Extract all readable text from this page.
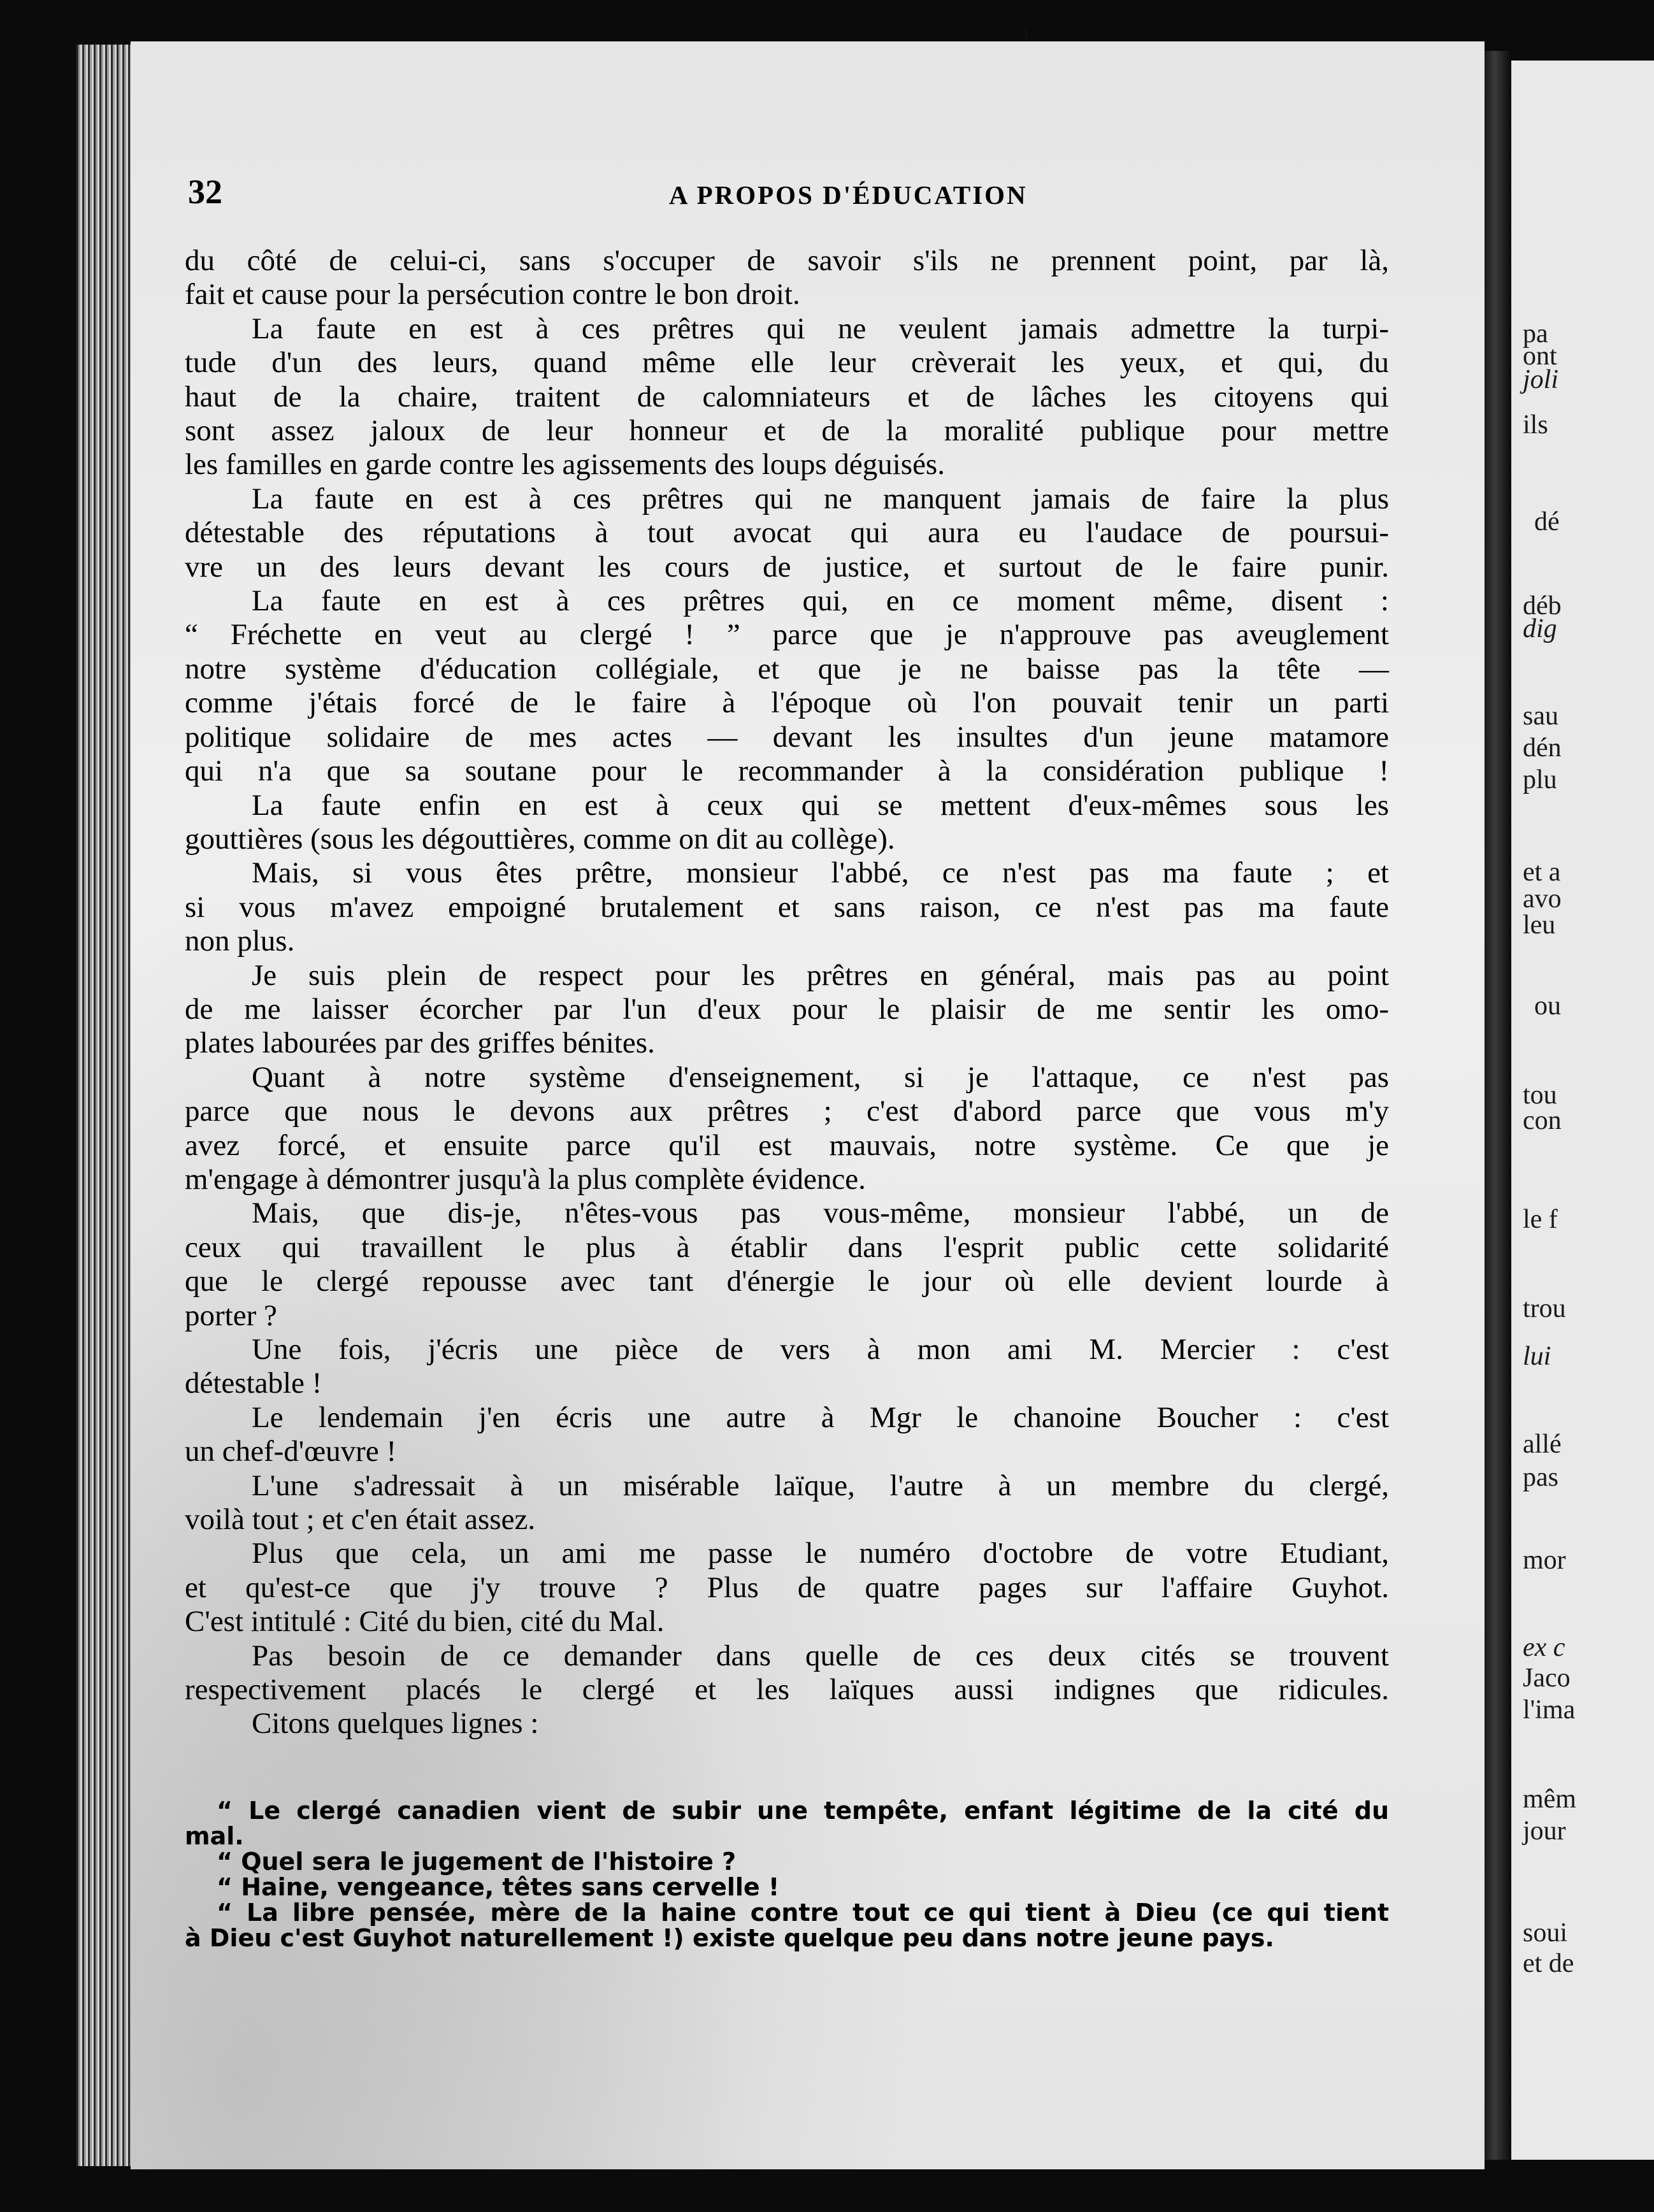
32	A PROPOS D'ÉDUCATION
du côté de celui-ci, sans s'occuper de savoir s'ils ne prennent point, par là,
fait et cause pour la persécution contre le bon droit.
La faute en est à ces prêtres qui ne veulent jamais admettre la turpi-
tude d'un des leurs, quand même elle leur crèverait les yeux, et qui, du
haut de la chaire, traitent de calomniateurs et de lâches les citoyens qui
sont assez jaloux de leur honneur et de la moralité publique pour mettre
les familles en garde contre les agissements des loups déguisés.
La faute en est à ces prêtres qui ne manquent jamais de faire la plus
détestable des réputations à tout avocat qui aura eu l'audace de poursui-
vre un des leurs devant les cours de justice, et surtout de le faire punir.
La faute en est à ces prêtres qui, en ce moment même, disent :
“ Fréchette en veut au clergé ! ” parce que je n'approuve pas aveuglement
notre système d'éducation collégiale, et que je ne baisse pas la tête —
comme j'étais forcé de le faire à l'époque où l'on pouvait tenir un parti
politique solidaire de mes actes — devant les insultes d'un jeune matamore
qui n'a que sa soutane pour le recommander à la considération publique !
La faute enfin en est à ceux qui se mettent d'eux-mêmes sous les
gouttières (sous les dégouttières, comme on dit au collège).
Mais, si vous êtes prêtre, monsieur l'abbé, ce n'est pas ma faute ; et
si vous m'avez empoigné brutalement et sans raison, ce n'est pas ma faute
non plus.
Je suis plein de respect pour les prêtres en général, mais pas au point
de me laisser écorcher par l'un d'eux pour le plaisir de me sentir les omo-
plates labourées par des griffes bénites.
Quant à notre système d'enseignement, si je l'attaque, ce n'est pas
parce que nous le devons aux prêtres ; c'est d'abord parce que vous m'y
avez forcé, et ensuite parce qu'il est mauvais, notre système. Ce que je
m'engage à démontrer jusqu'à la plus complète évidence.
Mais, que dis-je, n'êtes-vous pas vous-même, monsieur l'abbé, un de
ceux qui travaillent le plus à établir dans l'esprit public cette solidarité
que le clergé repousse avec tant d'énergie le jour où elle devient lourde à
porter ?
Une fois, j'écris une pièce de vers à mon ami M. Mercier : c'est
détestable !
Le lendemain j'en écris une autre à Mgr le chanoine Boucher : c'est
un chef-d'œuvre !
L'une s'adressait à un misérable laïque, l'autre à un membre du clergé,
voilà tout ; et c'en était assez.
Plus que cela, un ami me passe le numéro d'octobre de votre Etudiant,
et qu'est-ce que j'y trouve ? Plus de quatre pages sur l'affaire Guyhot.
C'est intitulé : Cité du bien, cité du Mal.
Pas besoin de ce demander dans quelle de ces deux cités se trouvent
respectivement placés le clergé et les laïques aussi indignes que ridicules.
Citons quelques lignes :
“ Le clergé canadien vient de subir une tempête, enfant légitime de la cité du
mal.
“ Quel sera le jugement de l'histoire ?
“ Haine, vengeance, têtes sans cervelle !
“ La libre pensée, mère de la haine contre tout ce qui tient à Dieu (ce qui tient
à Dieu c'est Guyhot naturellement !) existe quelque peu dans notre jeune pays.
pa
ont
joli
ils
dé
déb
dig
sau
dén
plu
et a
avo
leu
ou
tou
con
le f
trou
lui
allé
pas
mor
ex c
Jaco
l'ima
mêm
jour
soui
et de
